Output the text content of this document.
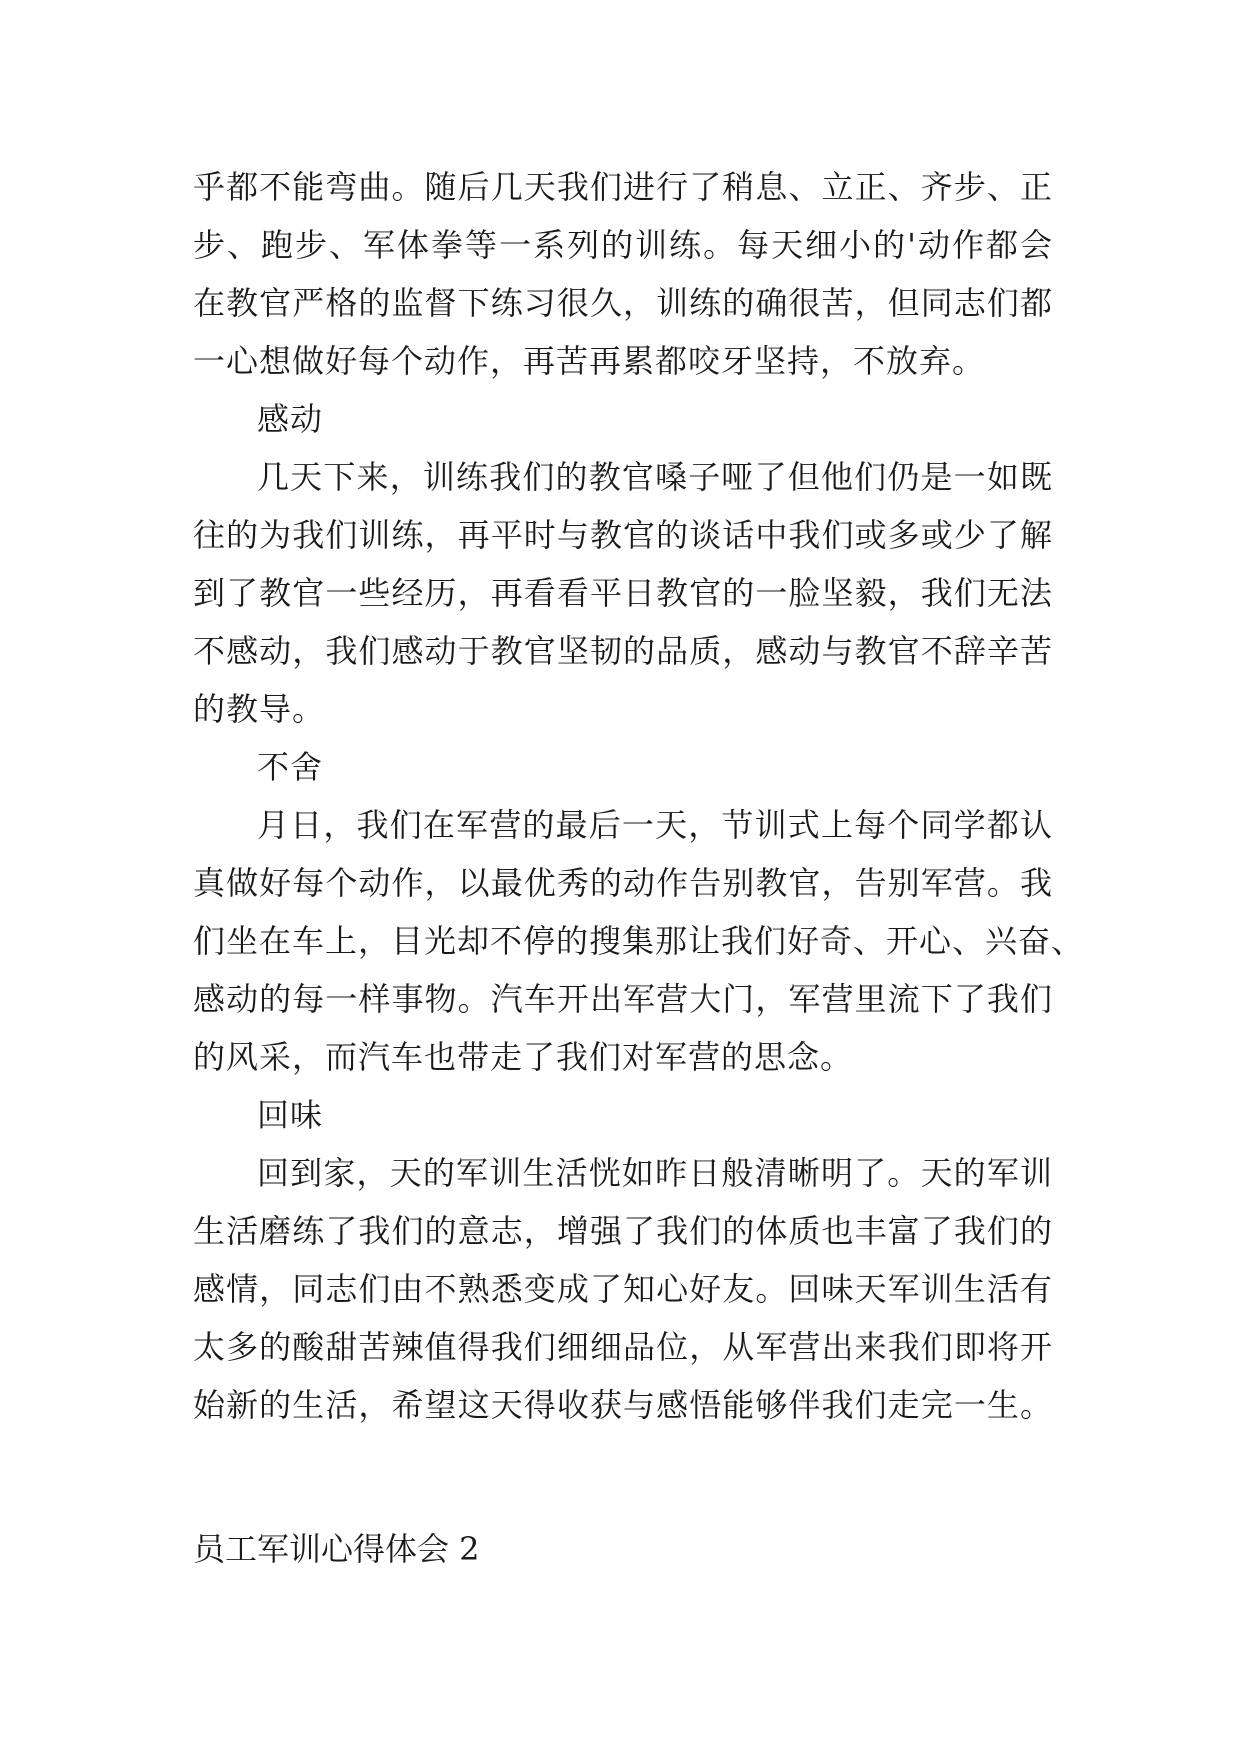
乎都不能弯曲。随后几天我们进行了稍息、立正、齐步、正
步、跑步、军体拳等一系列的训练。每天细小的'动作都会
在教官严格的监督下练习很久，训练的确很苦，但同志们都
一心想做好每个动作，再苦再累都咬牙坚持，不放弃。
感动
几天下来，训练我们的教官嗓子哑了但他们仍是一如既
往的为我们训练，再平时与教官的谈话中我们或多或少了解
到了教官一些经历，再看看平日教官的一脸坚毅，我们无法
不感动，我们感动于教官坚韧的品质，感动与教官不辞辛苦
的教导。
不舍
月日，我们在军营的最后一天，节训式上每个同学都认
真做好每个动作，以最优秀的动作告别教官，告别军营。我
们坐在车上，目光却不停的搜集那让我们好奇、开心、兴奋、
感动的每一样事物。汽车开出军营大门，军营里流下了我们
的风采，而汽车也带走了我们对军营的思念。
回味
回到家，天的军训生活恍如昨日般清晰明了。天的军训
生活磨练了我们的意志，增强了我们的体质也丰富了我们的
感情，同志们由不熟悉变成了知心好友。回味天军训生活有
太多的酸甜苦辣值得我们细细品位，从军营出来我们即将开
始新的生活，希望这天得收获与感悟能够伴我们走完一生。
员工军训心得体会 2
